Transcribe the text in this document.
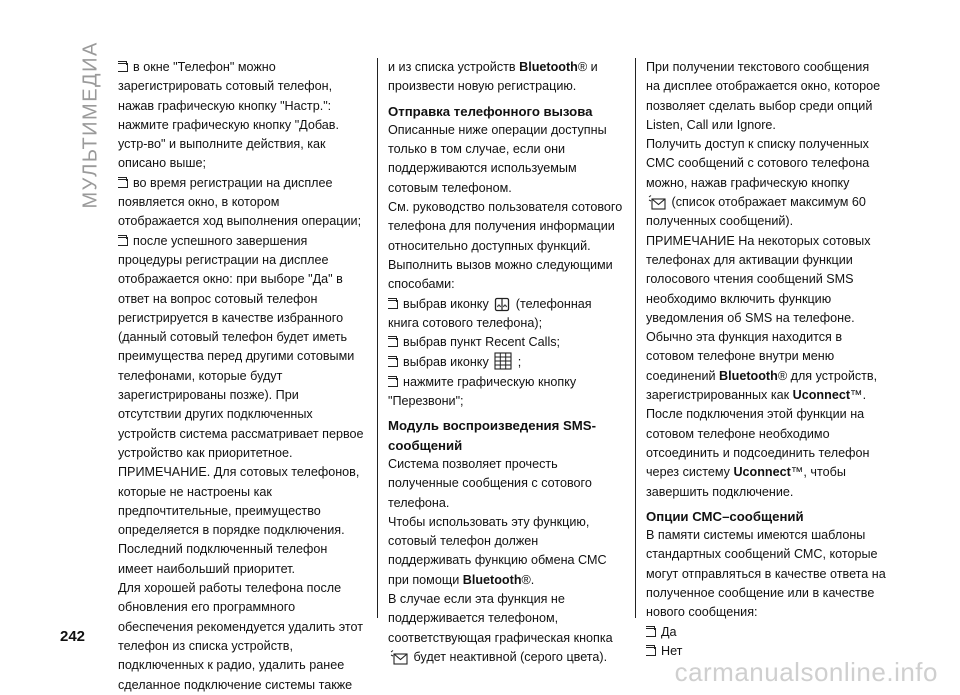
МУЛЬТИМЕДИА	в окне "Телефон" можно зарегистрировать сотовый телефон, нажав графическую кнопку "Настр.": нажмите графическую кнопку "Добав. устр-во" и выполните действия, как описано выше;

во время регистрации на дисплее появляется окно, в котором отображается ход выполнения операции;

после успешного завершения процедуры регистрации на дисплее отображается окно: при выборе "Да" в ответ на вопрос сотовый телефон регистрируется в качестве избранного (данный сотовый телефон будет иметь преимущества перед другими сотовыми телефонами, которые будут зарегистрированы позже). При отсутствии других подключенных устройств система рассматривает первое устройство как приоритетное.

ПРИМЕЧАНИЕ. Для сотовых телефонов, которые не настроены как предпочтительные, преимущество определяется в порядке подключения. Последний подключенный телефон имеет наибольший приоритет.

Для хорошей работы телефона после обновления его программного обеспечения рекомендуется удалить этот телефон из списка устройств, подключенных к радио, удалить ранее сделанное подключение системы также

и из списка устройств Bluetooth® и произвести новую регистрацию.

Отправка телефонного вызова

Описанные ниже операции доступны только в том случае, если они поддерживаются используемым сотовым телефоном.

См. руководство пользователя сотового телефона для получения информации относительно доступных функций.

Выполнить вызов можно следующими способами:

выбрав иконку (телефонная книга сотового телефона);

выбрав пункт Recent Calls;

выбрав иконку ;

нажмите графическую кнопку "Перезвони";

Модуль воспроизведения SMS-сообщений

Система позволяет прочесть полученные сообщения с сотового телефона.

Чтобы использовать эту функцию, сотовый телефон должен поддерживать функцию обмена СМС при помощи Bluetooth®.

В случае если эта функция не поддерживается телефоном, соответствующая графическая кнопка
будет неактивной (серого цвета).

При получении текстового сообщения на дисплее отображается окно, которое позволяет сделать выбор среди опций Listen, Call или Ignore.

Получить доступ к списку полученных СМС сообщений с сотового телефона можно, нажав графическую кнопку
(список отображает максимум 60 полученных сообщений).

ПРИМЕЧАНИЕ На некоторых сотовых телефонах для активации функции голосового чтения сообщений SMS необходимо включить функцию уведомления об SMS на телефоне. Обычно эта функция находится в сотовом телефоне внутри меню соединений Bluetooth® для устройств, зарегистрированных как Uconnect™.

После подключения этой функции на сотовом телефоне необходимо отсоединить и подсоединить телефон через систему Uconnect™, чтобы завершить подключение.

Опции СМС–сообщений

В памяти системы имеются шаблоны стандартных сообщений СМС, которые могут отправляться в качестве ответа на полученное сообщение или в качестве нового сообщения:

Да

Нет

242
carmanualsonline.info
